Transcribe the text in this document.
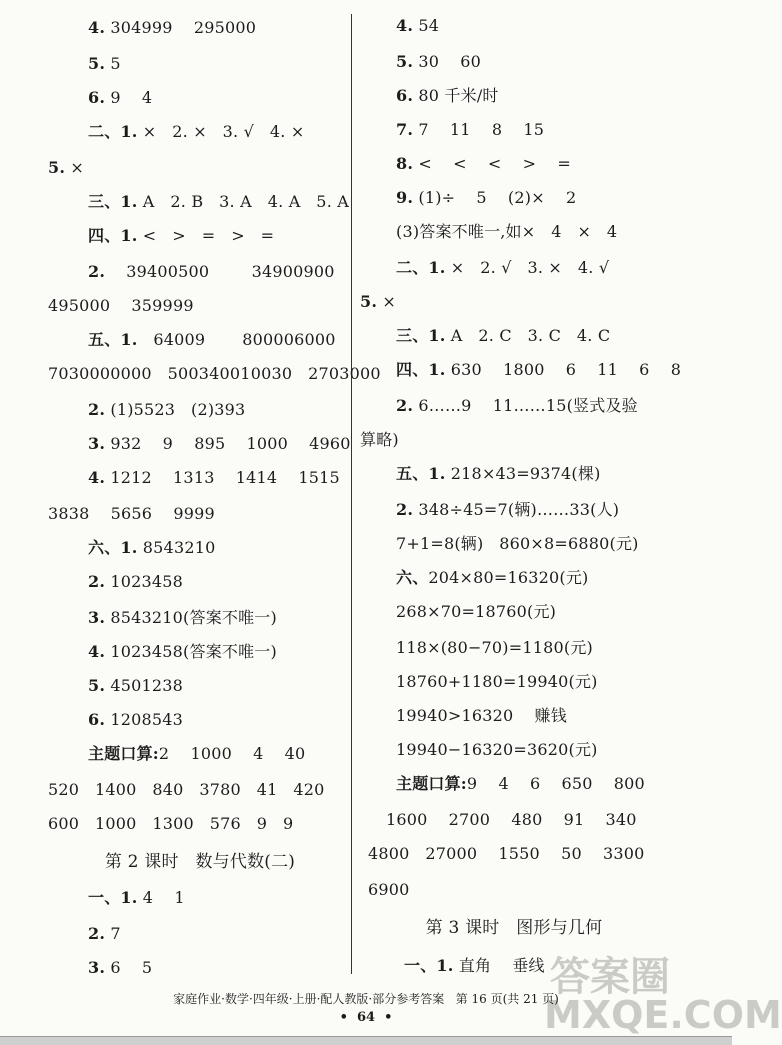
4. 304999    295000
5. 5
6. 9    4
二、1. ×   2. ×   3. √   4. ×
5. ×
三、1. A   2. B   3. A   4. A   5. A
四、1. <   >   =   >   =
2.    39400500        34900900
495000    359999
五、1.   64009       800006000
7030000000   500340010030   2703000
2. (1)5523   (2)393
3. 932    9    895    1000    4960
4. 1212    1313    1414    1515
3838    5656    9999
六、1. 8543210
2. 1023458
3. 8543210(答案不唯一)
4. 1023458(答案不唯一)
5. 4501238
6. 1208543
主题口算:2    1000    4    40
520   1400   840   3780   41   420
600   1000   1300   576   9   9
第 2 课时   数与代数(二)
一、1. 4    1
2. 7
3. 6    5
4. 54
5. 30    60
6. 80 千米/时
7. 7    11    8    15
8. <    <    <    >    =
9. (1)÷    5    (2)×    2
(3)答案不唯一,如×   4   ×   4
二、1. ×   2. √   3. ×   4. √
5. ×
三、1. A   2. C   3. C   4. C
四、1. 630    1800    6    11    6    8
2. 6……9    11……15(竖式及验
算略)
五、1. 218×43=9374(棵)
2. 348÷45=7(辆)……33(人)
7+1=8(辆)   860×8=6880(元)
六、204×80=16320(元)
268×70=18760(元)
118×(80−70)=1180(元)
18760+1180=19940(元)
19940>16320    赚钱
19940−16320=3620(元)
主题口算:9    4    6    650    800
1600    2700    480    91    340
4800   27000    1550    50    3300
6900
第 3 课时   图形与几何
一、1. 直角    垂线
家庭作业·数学·四年级·上册·配人教版·部分参考答案   第 16 页(共 21 页)
•  64  •
答案圈
MXQE.COM
